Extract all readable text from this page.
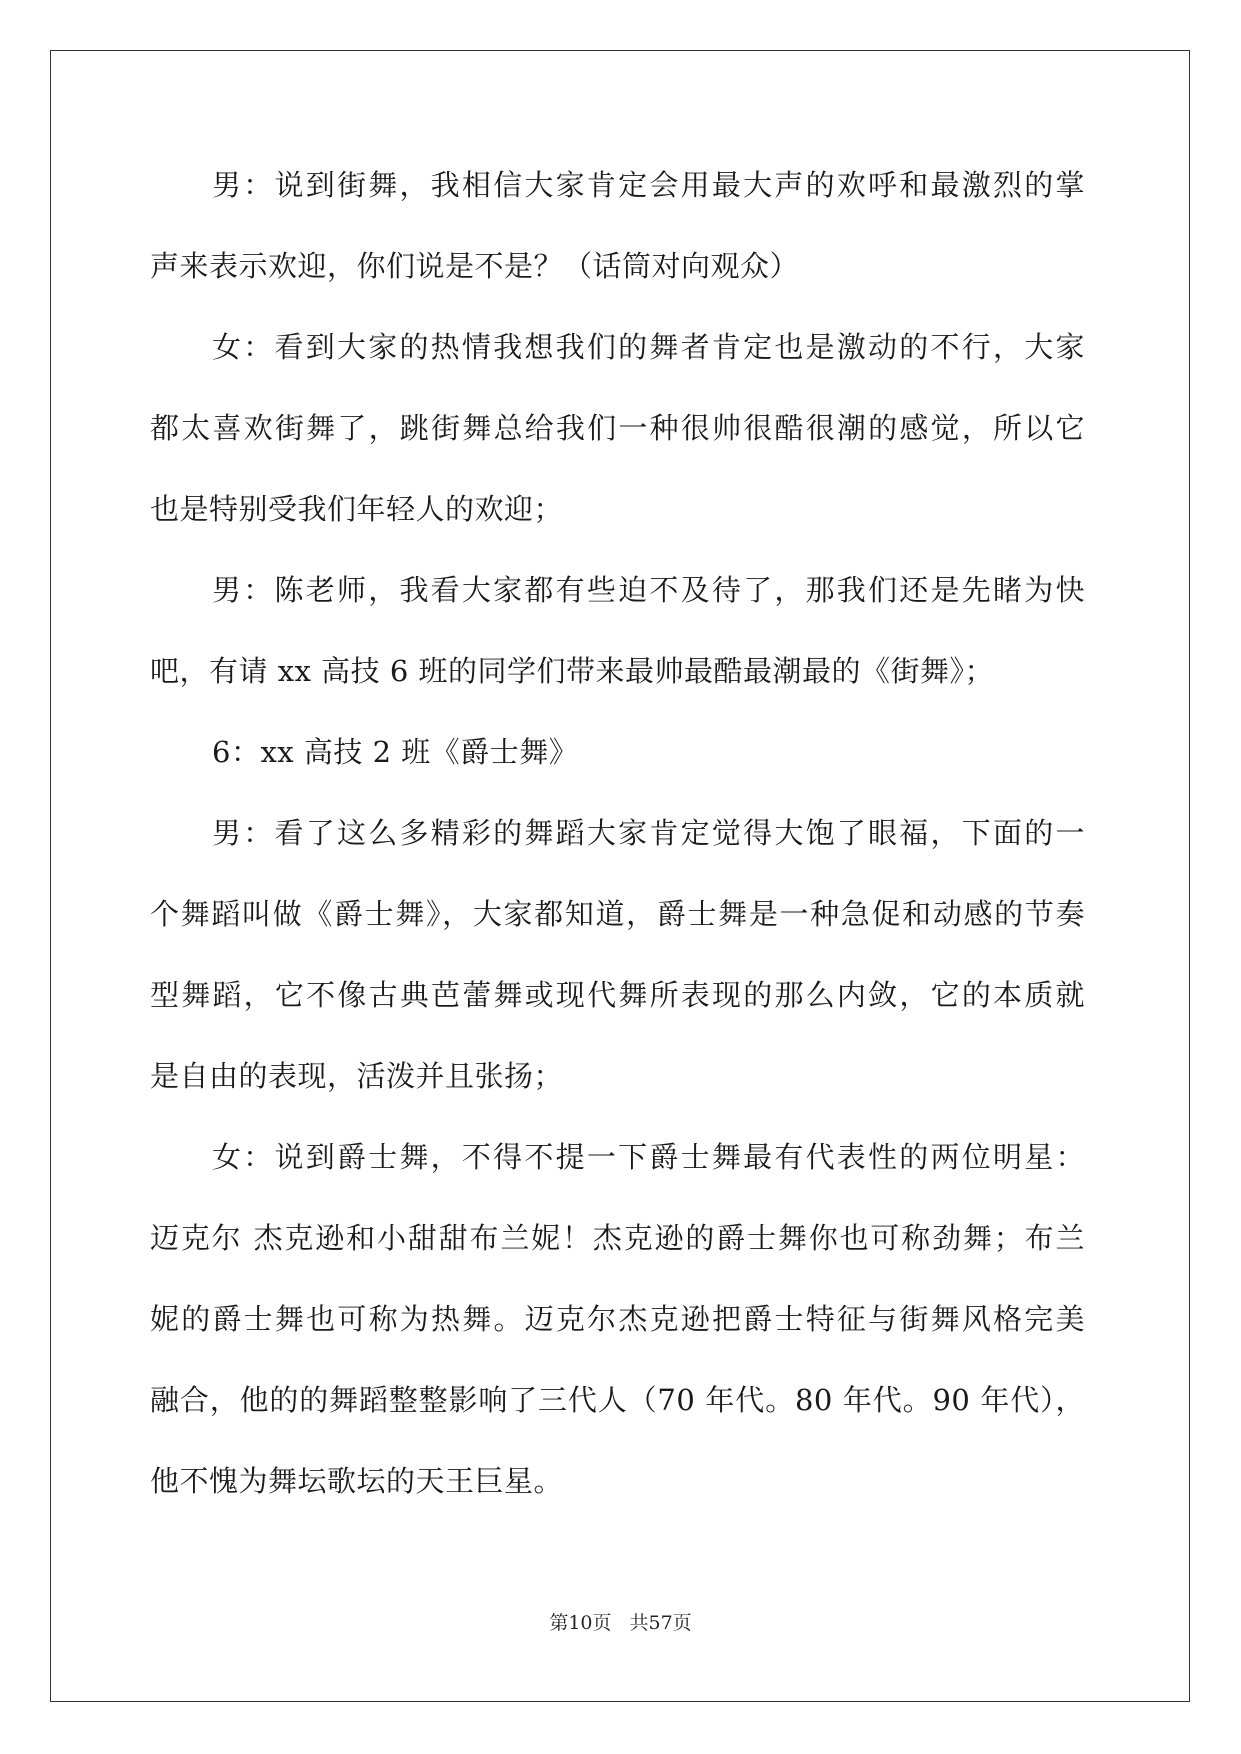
男：说到街舞，我相信大家肯定会用最大声的欢呼和最激烈的掌
声来表示欢迎，你们说是不是？（话筒对向观众）
女：看到大家的热情我想我们的舞者肯定也是激动的不行，大家
都太喜欢街舞了，跳街舞总给我们一种很帅很酷很潮的感觉，所以它
也是特别受我们年轻人的欢迎；
男：陈老师，我看大家都有些迫不及待了，那我们还是先睹为快
吧，有请 xx 高技 6 班的同学们带来最帅最酷最潮最的《街舞》；
6：xx 高技 2 班《爵士舞》
男：看了这么多精彩的舞蹈大家肯定觉得大饱了眼福，下面的一
个舞蹈叫做《爵士舞》，大家都知道，爵士舞是一种急促和动感的节奏
型舞蹈，它不像古典芭蕾舞或现代舞所表现的那么内敛，它的本质就
是自由的表现，活泼并且张扬；
女：说到爵士舞，不得不提一下爵士舞最有代表性的两位明星：
迈克尔 杰克逊和小甜甜布兰妮！杰克逊的爵士舞你也可称劲舞；布兰
妮的爵士舞也可称为热舞。迈克尔杰克逊把爵士特征与街舞风格完美
融合，他的的舞蹈整整影响了三代人（70 年代。80 年代。90 年代），
他不愧为舞坛歌坛的天王巨星。
第10页 共57页
